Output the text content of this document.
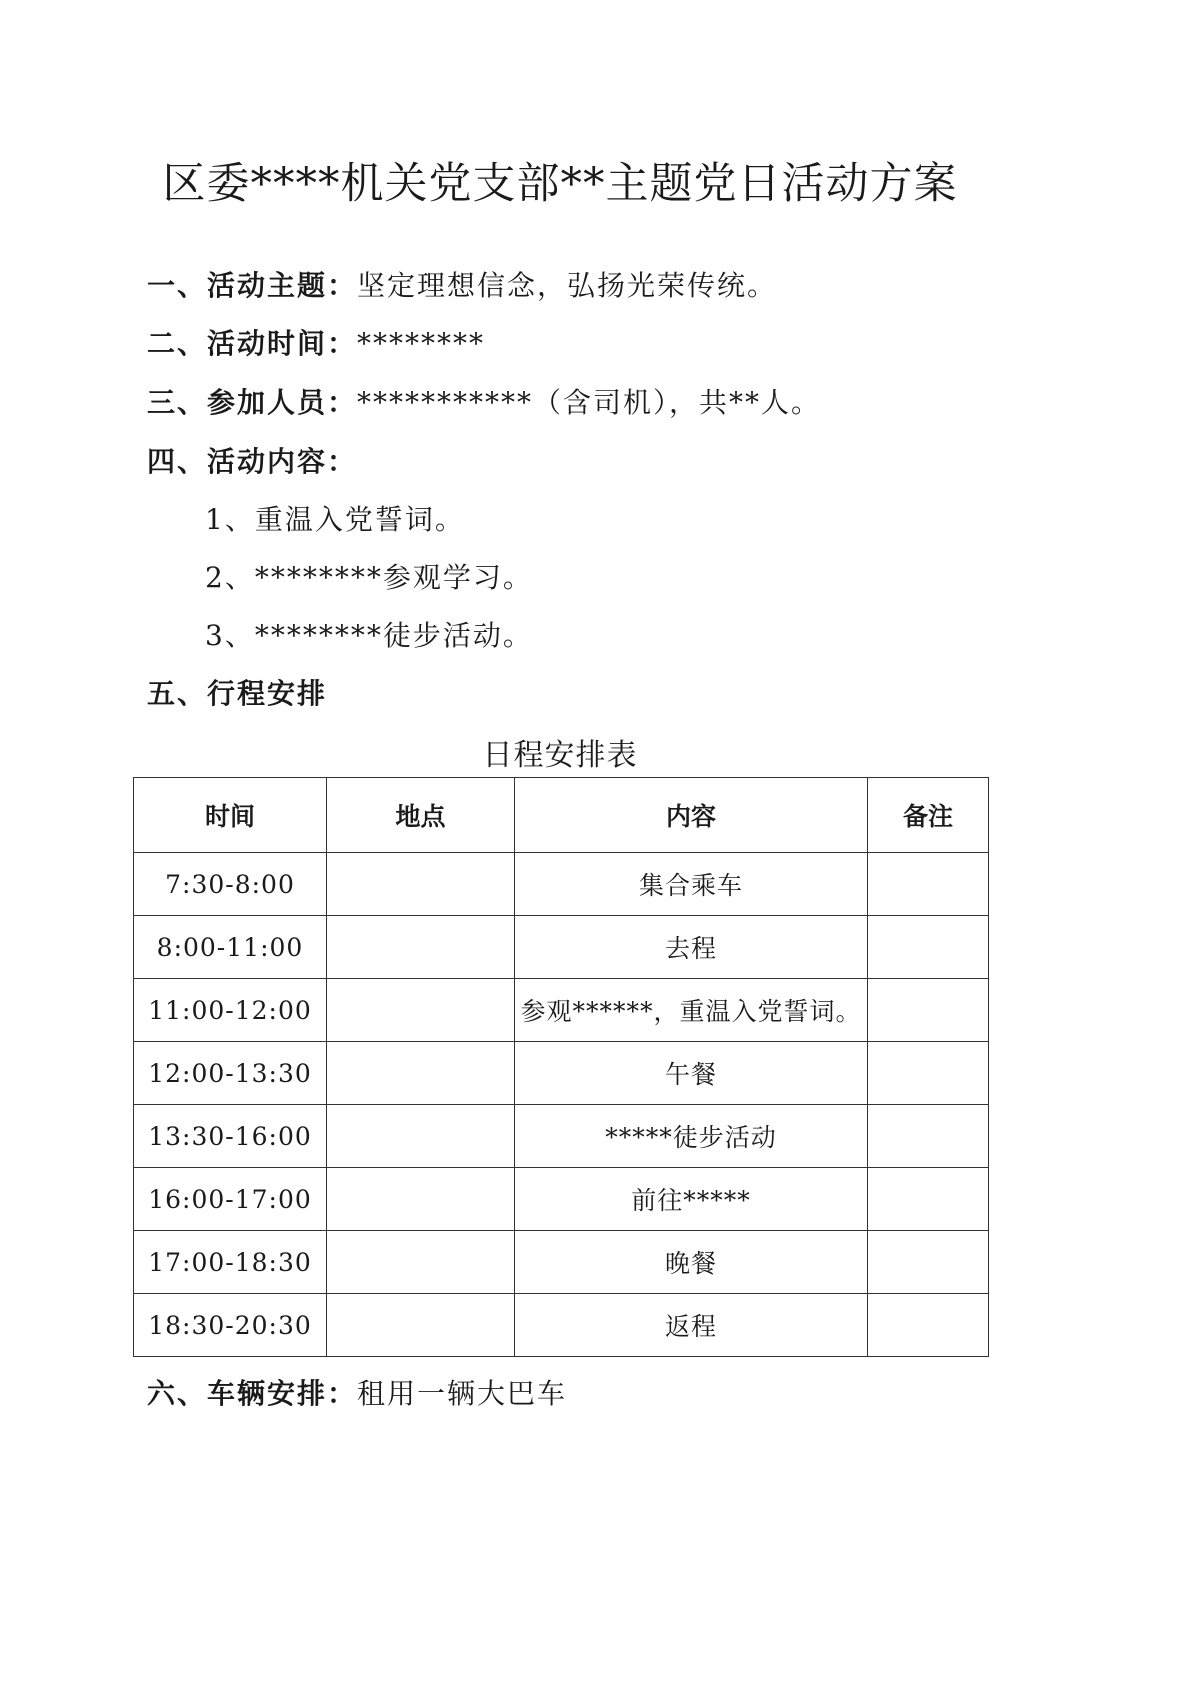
区委****机关党支部**主题党日活动方案
一、活动主题：坚定理想信念，弘扬光荣传统。
二、活动时间：********
三、参加人员：***********（含司机），共**人。
四、活动内容：
1、重温入党誓词。
2、********参观学习。
3、********徒步活动。
五、行程安排
日程安排表
时间	地点	内容	备注
7:30-8:00		集合乘车	
8:00-11:00		去程	
11:00-12:00		参观******，重温入党誓词。	
12:00-13:30		午餐	
13:30-16:00		*****徒步活动	
16:00-17:00		前往*****	
17:00-18:30		晚餐	
18:30-20:30		返程	
六、车辆安排：租用一辆大巴车
